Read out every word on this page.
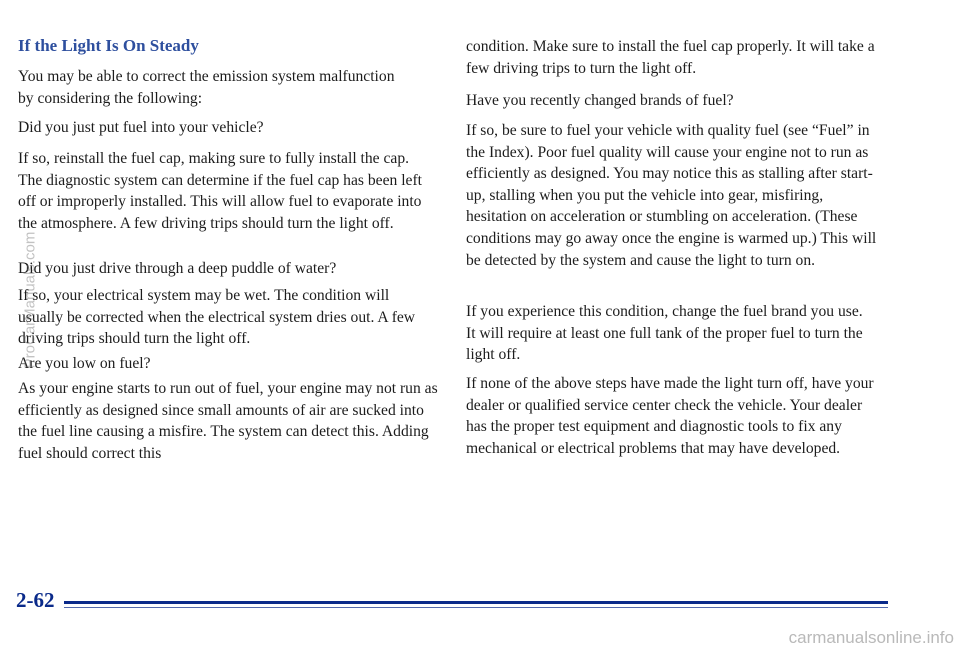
If the Light Is On Steady

You may be able to correct the emission system malfunction by considering the following:

Did you just put fuel into your vehicle?

If so, reinstall the fuel cap, making sure to fully install the cap. The diagnostic system can determine if the fuel cap has been left off or improperly installed. This will allow fuel to evaporate into the atmosphere. A few driving trips should turn the light off.

Did you just drive through a deep puddle of water?

If so, your electrical system may be wet. The condition will usually be corrected when the electrical system dries out. A few driving trips should turn the light off.

Are you low on fuel?

As your engine starts to run out of fuel, your engine may not run as efficiently as designed since small amounts of air are sucked into the fuel line causing a misfire. The system can detect this. Adding fuel should correct this

condition. Make sure to install the fuel cap properly. It will take a few driving trips to turn the light off.

Have you recently changed brands of fuel?

If so, be sure to fuel your vehicle with quality fuel (see “Fuel” in the Index). Poor fuel quality will cause your engine not to run as efficiently as designed. You may notice this as stalling after start-up, stalling when you put the vehicle into gear, misfiring, hesitation on acceleration or stumbling on acceleration. (These conditions may go away once the engine is warmed up.) This will be detected by the system and cause the light to turn on.

If you experience this condition, change the fuel brand you use. It will require at least one full tank of the proper fuel to turn the light off.

If none of the above steps have made the light turn off, have your dealer or qualified service center check the vehicle. Your dealer has the proper test equipment and diagnostic tools to fix any mechanical or electrical problems that may have developed.

2-62
ProCarManuals.com
carmanualsonline.info
